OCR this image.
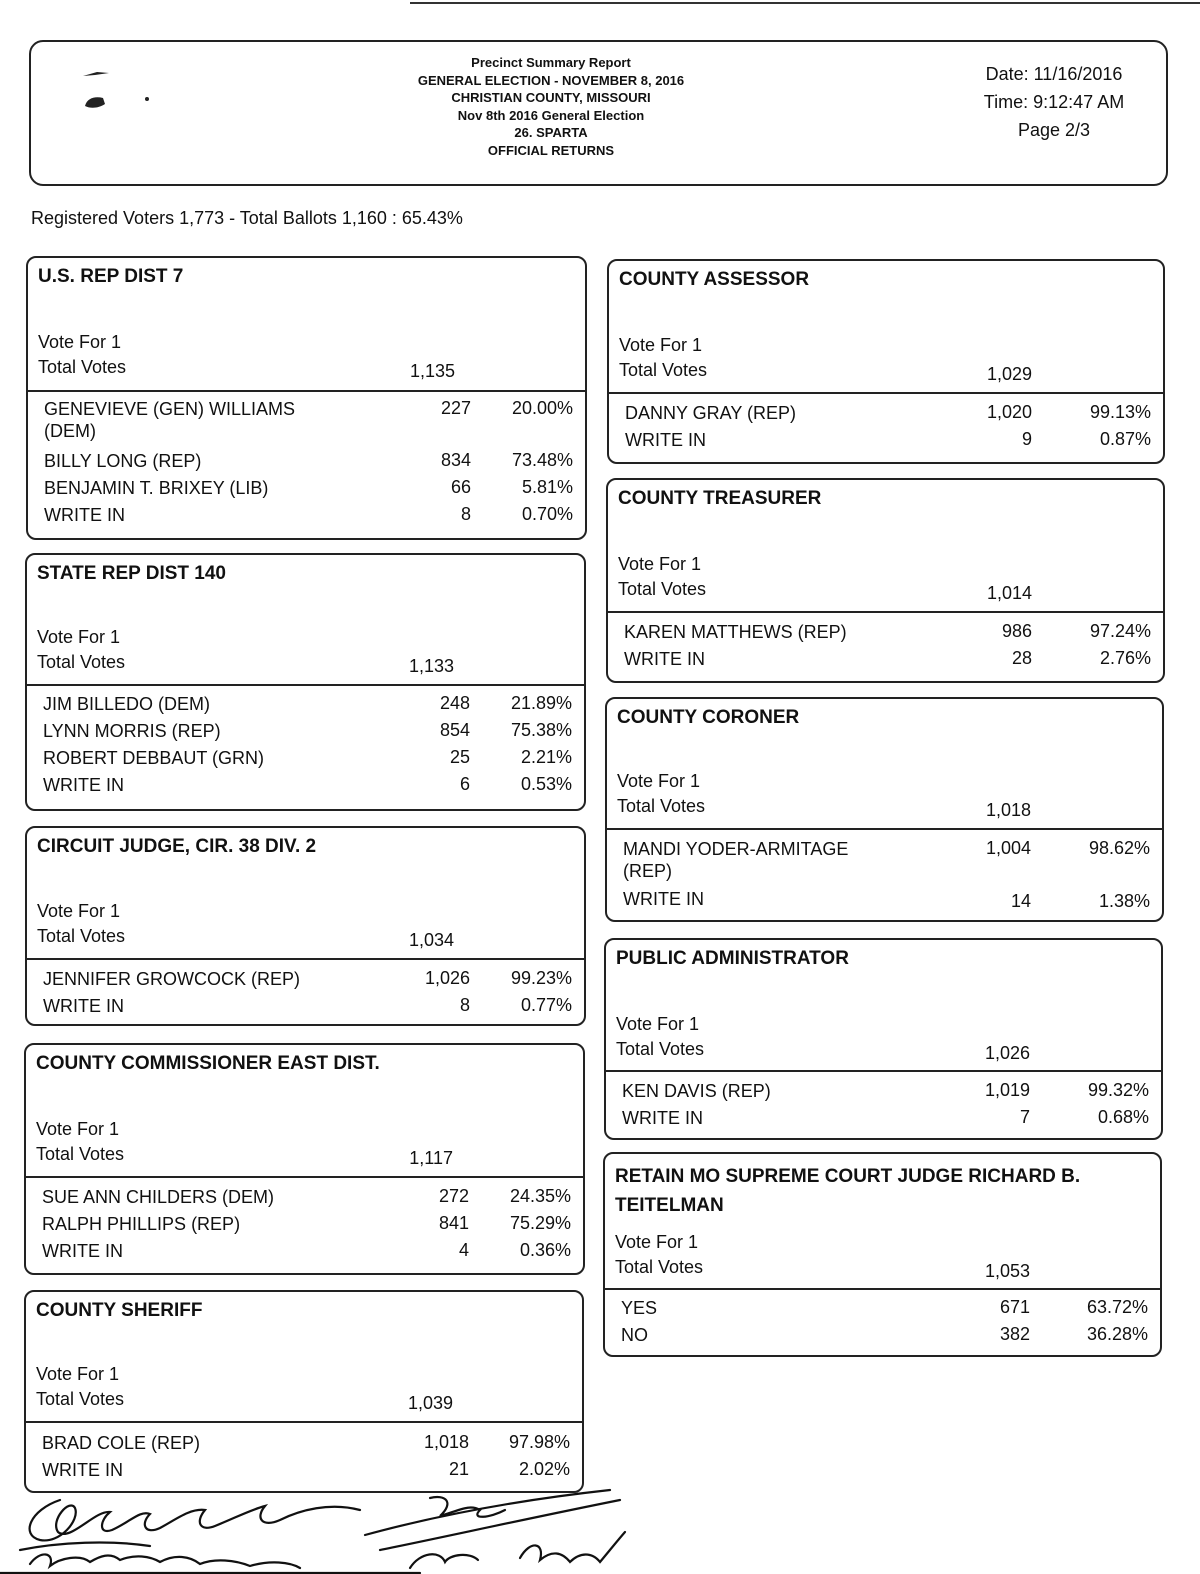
Precinct Summary Report
GENERAL ELECTION - NOVEMBER 8, 2016
CHRISTIAN COUNTY, MISSOURI
Nov 8th 2016 General Election
26. SPARTA
OFFICIAL RETURNS
Date: 11/16/2016
Time: 9:12:47 AM
Page 2/3
Registered Voters 1,773 - Total Ballots 1,160 : 65.43%
U.S. REP DIST 7
Vote For 1
Total Votes	1,135
GENEVIEVE (GEN) WILLIAMS
(DEM)
227	20.00%
BILLY LONG (REP)	834	73.48%
BENJAMIN T. BRIXEY (LIB)	66	5.81%
WRITE IN	8	0.70%
STATE REP DIST 140
Vote For 1
Total Votes	1,133
JIM BILLEDO (DEM)	248	21.89%
LYNN MORRIS (REP)	854	75.38%
ROBERT DEBBAUT (GRN)	25	2.21%
WRITE IN	6	0.53%
CIRCUIT JUDGE, CIR. 38 DIV. 2
Vote For 1
Total Votes	1,034
JENNIFER GROWCOCK (REP)	1,026	99.23%
WRITE IN	8	0.77%
COUNTY COMMISSIONER EAST DIST.
Vote For 1
Total Votes	1,117
SUE ANN CHILDERS (DEM)	272	24.35%
RALPH PHILLIPS (REP)	841	75.29%
WRITE IN	4	0.36%
COUNTY SHERIFF
Vote For 1
Total Votes	1,039
BRAD COLE (REP)	1,018	97.98%
WRITE IN	21	2.02%
COUNTY ASSESSOR
Vote For 1
Total Votes	1,029
DANNY GRAY (REP)	1,020	99.13%
WRITE IN	9	0.87%
COUNTY TREASURER
Vote For 1
Total Votes	1,014
KAREN MATTHEWS (REP)	986	97.24%
WRITE IN	28	2.76%
COUNTY CORONER
Vote For 1
Total Votes	1,018
MANDI YODER-ARMITAGE
(REP)
1,004	98.62%
WRITE IN	14	1.38%
PUBLIC ADMINISTRATOR
Vote For 1
Total Votes	1,026
KEN DAVIS (REP)	1,019	99.32%
WRITE IN	7	0.68%
RETAIN MO SUPREME COURT JUDGE RICHARD B.
TEITELMAN
Vote For 1
Total Votes	1,053
YES	671	63.72%
NO	382	36.28%
